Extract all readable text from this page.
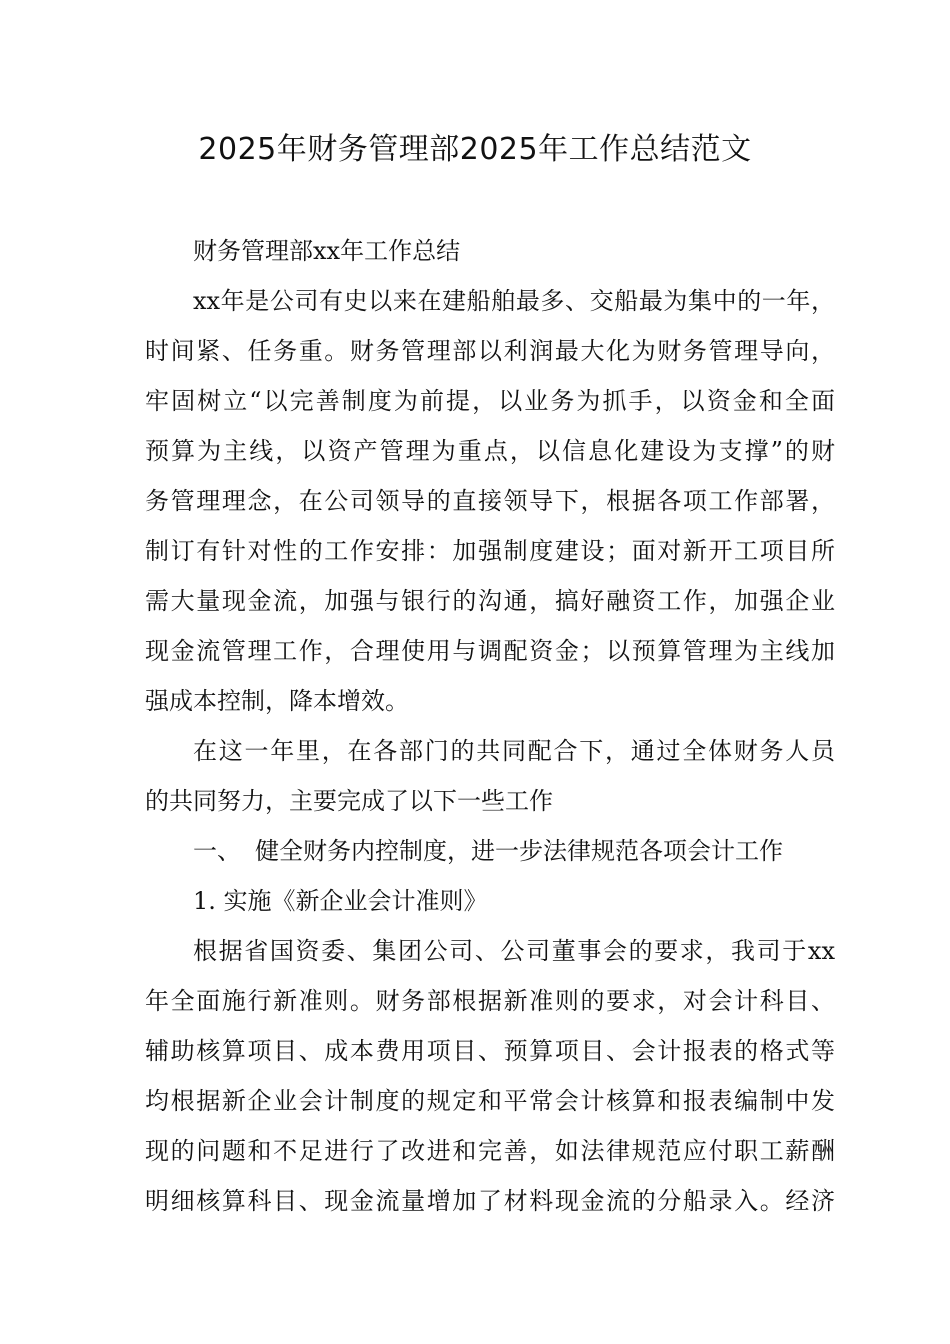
2025年财务管理部2025年工作总结范文
财务管理部xx年工作总结
xx年是公司有史以来在建船舶最多、交船最为集中的一年，
时间紧、任务重。财务管理部以利润最大化为财务管理导向，
牢固树立“以完善制度为前提，以业务为抓手，以资金和全面
预算为主线，以资产管理为重点，以信息化建设为支撑”的财
务管理理念，在公司领导的直接领导下，根据各项工作部署，
制订有针对性的工作安排：加强制度建设；面对新开工项目所
需大量现金流，加强与银行的沟通，搞好融资工作，加强企业
现金流管理工作，合理使用与调配资金；以预算管理为主线加
强成本控制，降本增效。
在这一年里，在各部门的共同配合下，通过全体财务人员
的共同努力，主要完成了以下一些工作
一、 健全财务内控制度，进一步法律规范各项会计工作
1. 实施《新企业会计准则》
根据省国资委、集团公司、公司董事会的要求，我司于xx
年全面施行新准则。财务部根据新准则的要求，对会计科目、
辅助核算项目、成本费用项目、预算项目、会计报表的格式等
均根据新企业会计制度的规定和平常会计核算和报表编制中发
现的问题和不足进行了改进和完善，如法律规范应付职工薪酬
明细核算科目、现金流量增加了材料现金流的分船录入。经济
